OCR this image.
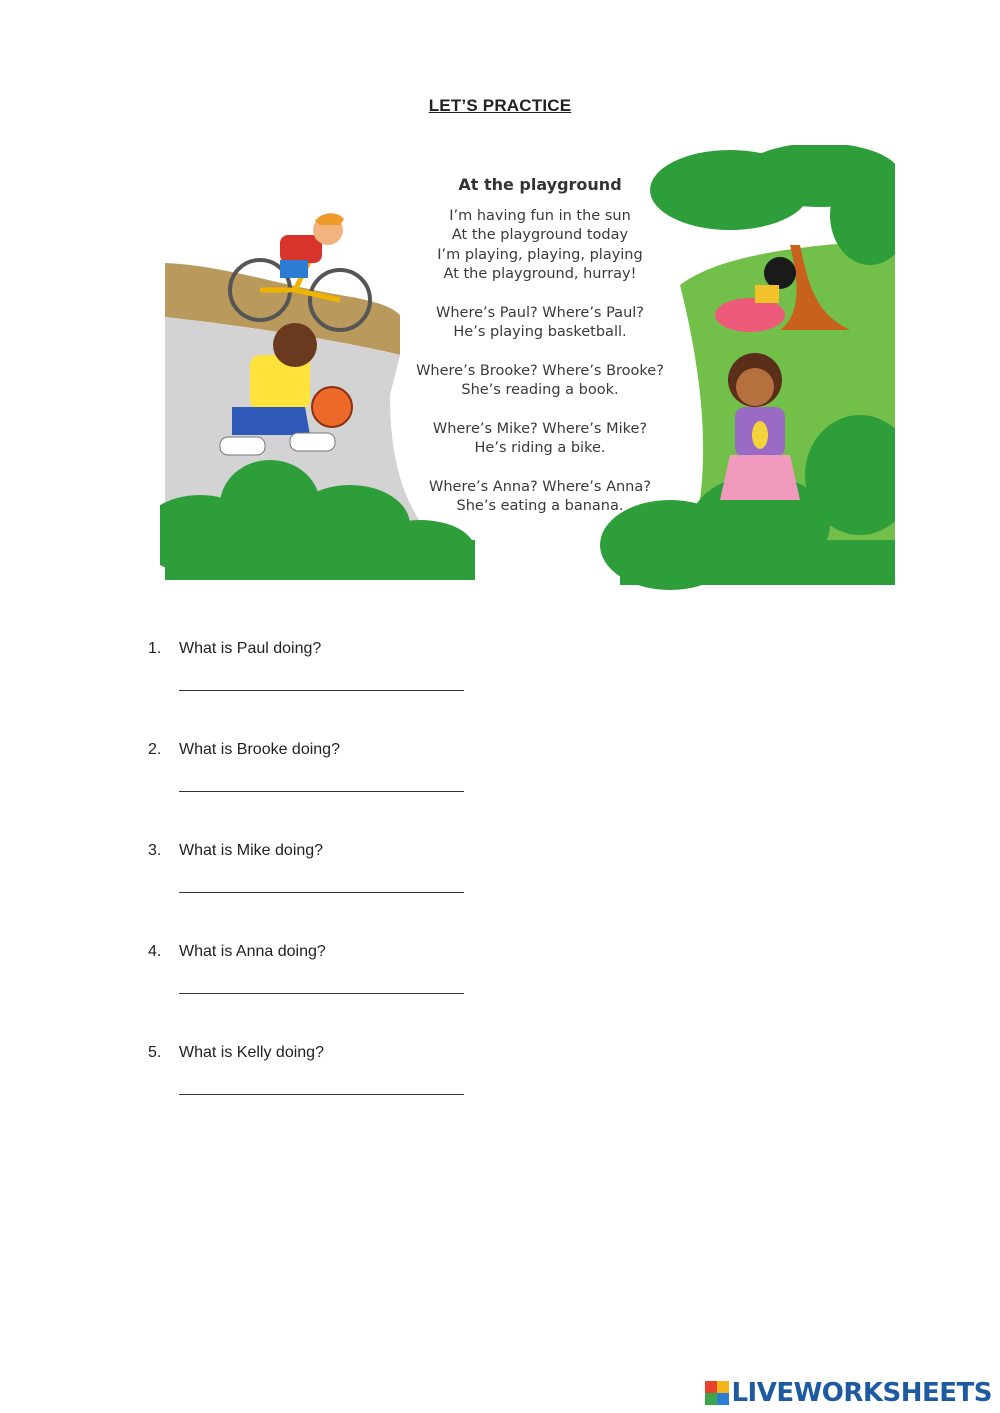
LET’S PRACTICE
At the playground
I’m having fun in the sun
At the playground today
I’m playing, playing, playing
At the playground, hurray!
Where’s Paul? Where’s Paul?
He’s playing basketball.
Where’s Brooke? Where’s Brooke?
She’s reading a book.
Where’s Mike? Where’s Mike?
He’s riding a bike.
Where’s Anna? Where’s Anna?
She’s eating a banana.
1. What is Paul doing?
2. What is Brooke doing?
3. What is Mike doing?
4. What is Anna doing?
5. What is Kelly doing?
LIVEWORKSHEETS
